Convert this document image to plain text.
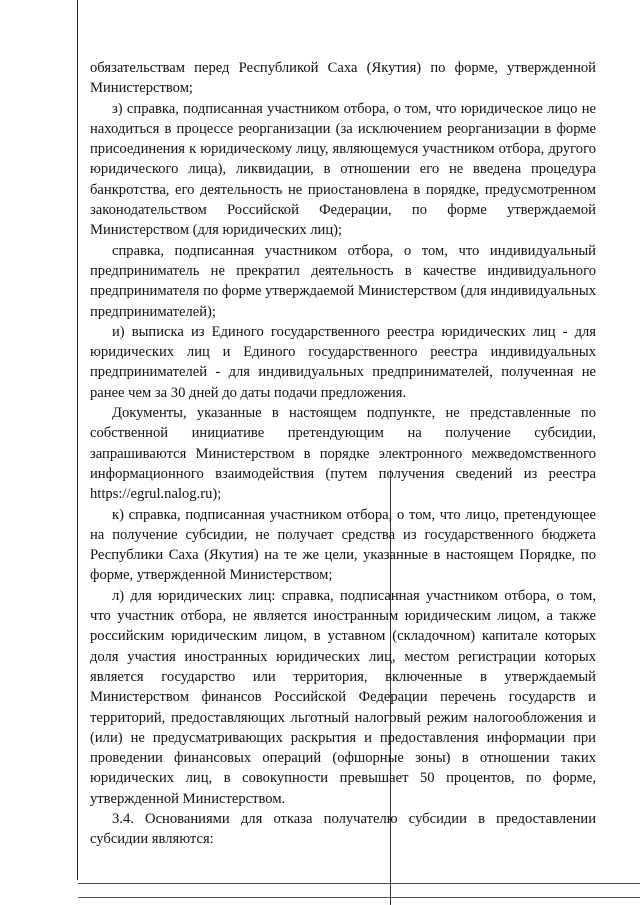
обязательствам перед Республикой Саха (Якутия) по форме, утвержденной Министерством;

з) справка, подписанная участником отбора, о том, что юридическое лицо не находиться в процессе реорганизации (за исключением реорганизации в форме присоединения к юридическому лицу, являющемуся участником отбора, другого юридического лица), ликвидации, в отношении его не введена процедура банкротства, его деятельность не приостановлена в порядке, предусмотренном законодательством Российской Федерации, по форме утверждаемой Министерством (для юридических лиц);

справка, подписанная участником отбора, о том, что индивидуальный предприниматель не прекратил деятельность в качестве индивидуального предпринимателя по форме утверждаемой Министерством (для индивидуальных предпринимателей);

и) выписка из Единого государственного реестра юридических лиц - для юридических лиц и Единого государственного реестра индивидуальных предпринимателей - для индивидуальных предпринимателей, полученная не ранее чем за 30 дней до даты подачи предложения.

Документы, указанные в настоящем подпункте, не представленные по собственной инициативе претендующим на получение субсидии, запрашиваются Министерством в порядке электронного межведомственного информационного взаимодействия (путем получения сведений из реестра https://egrul.nalog.ru);

к) справка, подписанная участником отбора, о том, что лицо, претендующее на получение субсидии, не получает средства из государственного бюджета Республики Саха (Якутия) на те же цели, указанные в настоящем Порядке, по форме, утвержденной Министерством;

л) для юридических лиц: справка, подписанная участником отбора, о том, что участник отбора, не является иностранным юридическим лицом, а также российским юридическим лицом, в уставном (складочном) капитале которых доля участия иностранных юридических лиц, местом регистрации которых является государство или территория, включенные в утверждаемый Министерством финансов Российской Федерации перечень государств и территорий, предоставляющих льготный налоговый режим налогообложения и (или) не предусматривающих раскрытия и предоставления информации при проведении финансовых операций (офшорные зоны) в отношении таких юридических лиц, в совокупности превышает 50 процентов, по форме, утвержденной Министерством.

3.4. Основаниями для отказа получателю субсидии в предоставлении субсидии являются:
